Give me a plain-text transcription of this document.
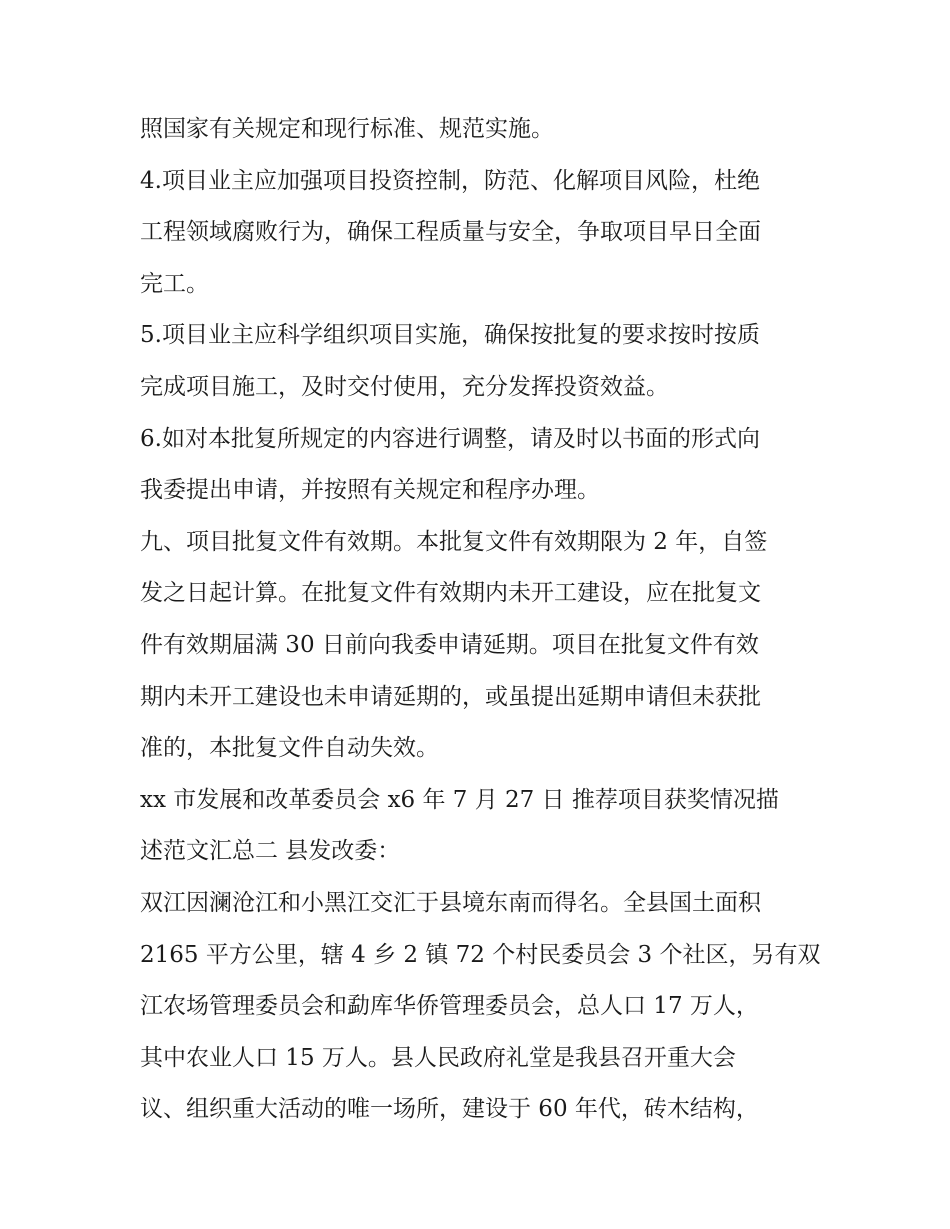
照国家有关规定和现行标准、规范实施。
4.项目业主应加强项目投资控制，防范、化解项目风险，杜绝
工程领域腐败行为，确保工程质量与安全，争取项目早日全面
完工。
5.项目业主应科学组织项目实施，确保按批复的要求按时按质
完成项目施工，及时交付使用，充分发挥投资效益。
6.如对本批复所规定的内容进行调整，请及时以书面的形式向
我委提出申请，并按照有关规定和程序办理。
九、项目批复文件有效期。本批复文件有效期限为 2 年，自签
发之日起计算。在批复文件有效期内未开工建设，应在批复文
件有效期届满 30 日前向我委申请延期。项目在批复文件有效
期内未开工建设也未申请延期的，或虽提出延期申请但未获批
准的，本批复文件自动失效。
xx 市发展和改革委员会 x6 年 7 月 27 日 推荐项目获奖情况描
述范文汇总二 县发改委：
双江因澜沧江和小黑江交汇于县境东南而得名。全县国土面积
2165 平方公里，辖 4 乡 2 镇 72 个村民委员会 3 个社区，另有双
江农场管理委员会和勐库华侨管理委员会，总人口 17 万人，
其中农业人口 15 万人。县人民政府礼堂是我县召开重大会
议、组织重大活动的唯一场所，建设于 60 年代，砖木结构，
